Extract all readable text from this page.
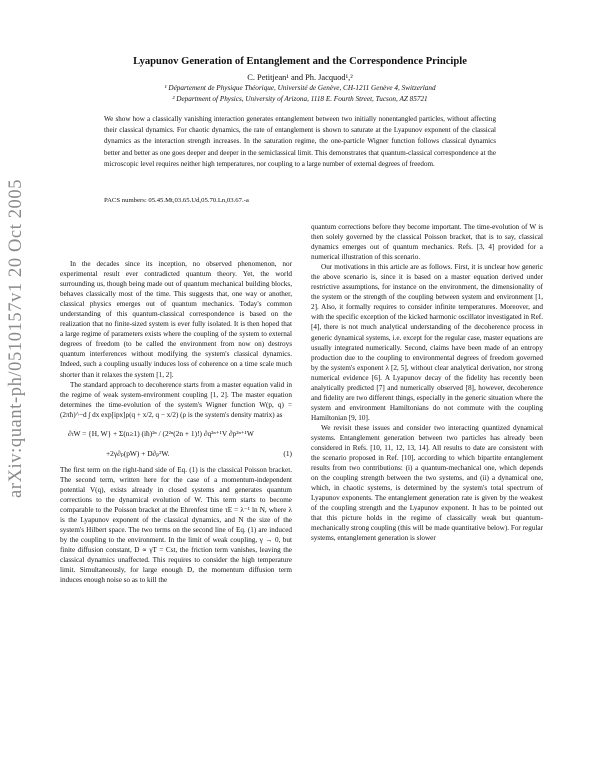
arXiv:quant-ph/0510157v1 20 Oct 2005
Lyapunov Generation of Entanglement and the Correspondence Principle
C. Petitjean¹ and Ph. Jacquod¹,²
¹ Département de Physique Théorique, Université de Genève, CH-1211 Genève 4, Switzerland
² Department of Physics, University of Arizona, 1118 E. Fourth Street, Tucson, AZ 85721
We show how a classically vanishing interaction generates entanglement between two initially nonentangled particles, without affecting their classical dynamics. For chaotic dynamics, the rate of entanglement is shown to saturate at the Lyapunov exponent of the classical dynamics as the interaction strength increases. In the saturation regime, the one-particle Wigner function follows classical dynamics better and better as one goes deeper and deeper in the semiclassical limit. This demonstrates that quantum-classical correspondence at the microscopic level requires neither high temperatures, nor coupling to a large number of external degrees of freedom.
PACS numbers: 05.45.Mt,03.65.Ud,05.70.Ln,03.67.-a

In the decades since its inception, no observed phenomenon, nor experimental result ever contradicted quantum theory. Yet, the world surrounding us, though being made out of quantum mechanical building blocks, behaves classically most of the time. This suggests that, one way or another, classical physics emerges out of quantum mechanics. Today's common understanding of this quantum-classical correspondence is based on the realization that no finite-sized system is ever fully isolated. It is then hoped that a large regime of parameters exists where the coupling of the system to external degrees of freedom (to be called the environment from now on) destroys quantum interferences without modifying the system's classical dynamics. Indeed, such a coupling usually induces loss of coherence on a time scale much shorter than it relaxes the system [1, 2].

The standard approach to decoherence starts from a master equation valid in the regime of weak system-environment coupling [1, 2]. The master equation determines the time-evolution of the system's Wigner function W(p, q) = (2πħ)^−d ∫ dx exp[ipx]ρ(q + x/2, q − x/2) (ρ is the system's density matrix) as

∂ₜW = {H, W} + Σ(n≥1) (iħ)²ⁿ / (2²ⁿ(2n + 1)!) ∂q²ⁿ⁺¹V ∂p²ⁿ⁺¹W
+2γ∂ₚ(pW) + D∂ₚ²W.	(1)

The first term on the right-hand side of Eq. (1) is the classical Poisson bracket. The second term, written here for the case of a momentum-independent potential V(q), exists already in closed systems and generates quantum corrections to the dynamical evolution of W. This term starts to become comparable to the Poisson bracket at the Ehrenfest time τE = λ⁻¹ ln N, where λ is the Lyapunov exponent of the classical dynamics, and N the size of the system's Hilbert space. The two terms on the second line of Eq. (1) are induced by the coupling to the environment. In the limit of weak coupling, γ → 0, but finite diffusion constant, D ∝ γT = Cst, the friction term vanishes, leaving the classical dynamics unaffected. This requires to consider the high temperature limit. Simultaneously, for large enough D, the momentum diffusion term induces enough noise so as to kill the

quantum corrections before they become important. The time-evolution of W is then solely governed by the classical Poisson bracket, that is to say, classical dynamics emerges out of quantum mechanics. Refs. [3, 4] provided for a numerical illustration of this scenario.

Our motivations in this article are as follows. First, it is unclear how generic the above scenario is, since it is based on a master equation derived under restrictive assumptions, for instance on the environment, the dimensionality of the system or the strength of the coupling between system and environment [1, 2]. Also, it formally requires to consider infinite temperatures. Moreover, and with the specific exception of the kicked harmonic oscillator investigated in Ref. [4], there is not much analytical understanding of the decoherence process in generic dynamical systems, i.e. except for the regular case, master equations are usually integrated numerically. Second, claims have been made of an entropy production due to the coupling to environmental degrees of freedom governed by the system's exponent λ [2, 5], without clear analytical derivation, nor strong numerical evidence [6]. A Lyapunov decay of the fidelity has recently been analytically predicted [7] and numerically observed [8], however, decoherence and fidelity are two different things, especially in the generic situation where the system and environment Hamiltonians do not commute with the coupling Hamiltonian [9, 10].

We revisit these issues and consider two interacting quantized dynamical systems. Entanglement generation between two particles has already been considered in Refs. [10, 11, 12, 13, 14]. All results to date are consistent with the scenario proposed in Ref. [10], according to which bipartite entanglement results from two contributions: (i) a quantum-mechanical one, which depends on the coupling strength between the two systems, and (ii) a dynamical one, which, in chaotic systems, is determined by the system's total spectrum of Lyapunov exponents. The entanglement generation rate is given by the weakest of the coupling strength and the Lyapunov exponent. It has to be pointed out that this picture holds in the regime of classically weak but quantum-mechanically strong coupling (this will be made quantitative below). For regular systems, entanglement generation is slower
